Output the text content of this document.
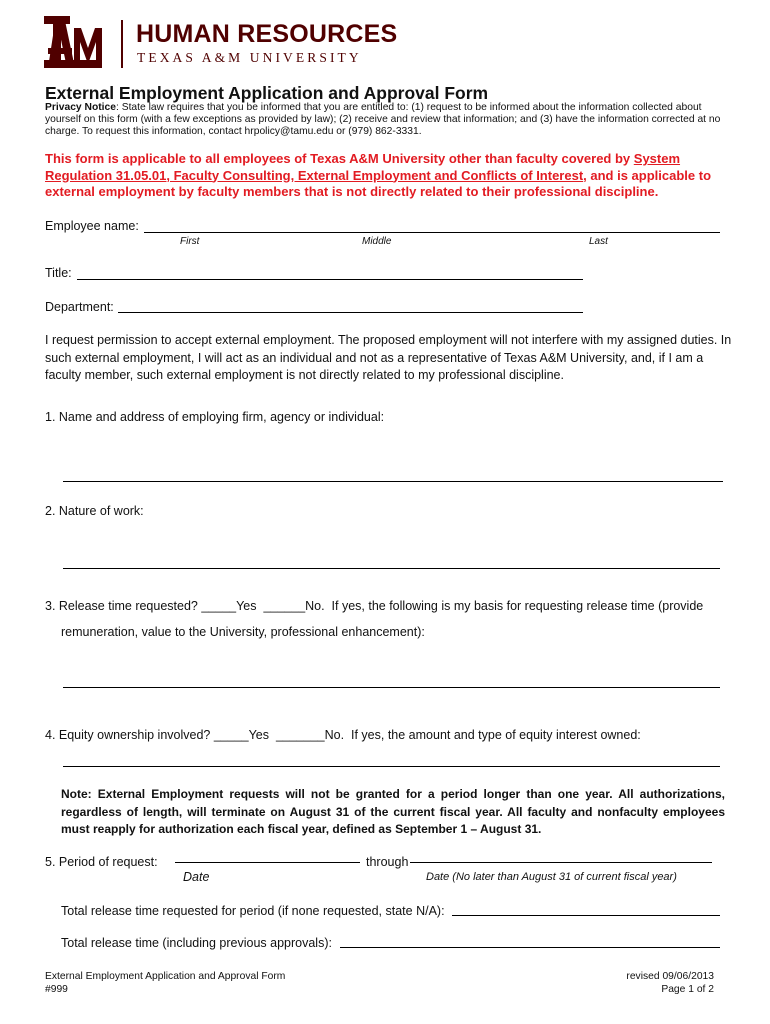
HUMAN RESOURCES
TEXAS A&M UNIVERSITY
External Employment Application and Approval Form
Privacy Notice: State law requires that you be informed that you are entitled to: (1) request to be informed about the information collected about yourself on this form (with a few exceptions as provided by law); (2) receive and review that information; and (3) have the information corrected at no charge. To request this information, contact hrpolicy@tamu.edu or (979) 862-3331.
This form is applicable to all employees of Texas A&M University other than faculty covered by System Regulation 31.05.01, Faculty Consulting, External Employment and Conflicts of Interest, and is applicable to external employment by faculty members that is not directly related to their professional discipline.
Employee name:
First	Middle	Last
Title:
Department:
I request permission to accept external employment. The proposed employment will not interfere with my assigned duties. In such external employment, I will act as an individual and not as a representative of Texas A&M University, and, if I am a faculty member, such external employment is not directly related to my professional discipline.
1. Name and address of employing firm, agency or individual:
2. Nature of work:
3. Release time requested? _____Yes  ______No.  If yes, the following is my basis for requesting release time (provide
remuneration, value to the University, professional enhancement):
4. Equity ownership involved? _____Yes  _______No.  If yes, the amount and type of equity interest owned:
Note: External Employment requests will not be granted for a period longer than one year. All authorizations, regardless of length, will terminate on August 31 of the current fiscal year. All faculty and nonfaculty employees must reapply for authorization each fiscal year, defined as September 1 – August 31.
5. Period of request:	through
Date	Date (No later than August 31 of current fiscal year)
Total release time requested for period (if none requested, state N/A):
Total release time (including previous approvals):
External Employment Application and Approval Form
#999
revised 09/06/2013
Page 1 of 2
